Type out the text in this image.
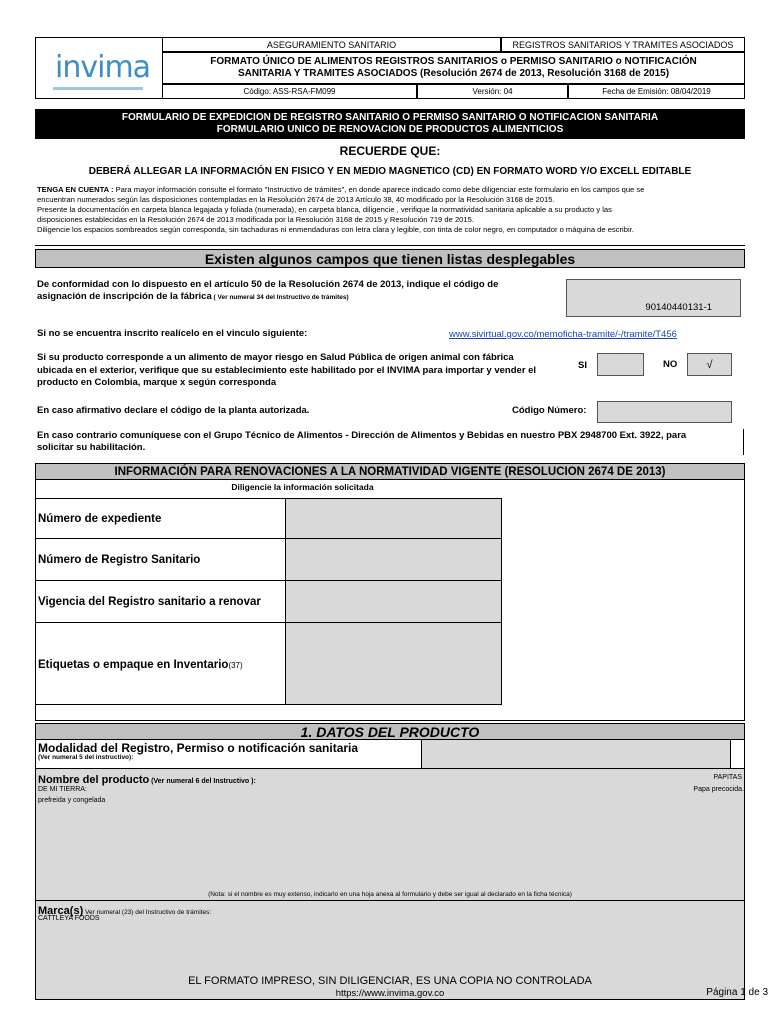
invima
ASEGURAMIENTO SANITARIO	REGISTROS SANITARIOS Y TRAMITES ASOCIADOS
FORMATO ÚNICO DE ALIMENTOS REGISTROS SANITARIOS o PERMISO SANITARIO o NOTIFICACIÓN SANITARIA Y TRAMITES ASOCIADOS (Resolución 2674 de 2013, Resolución 3168 de 2015)
Código: ASS-RSA-FM099	Versión: 04	Fecha de Emisión: 08/04/2019
FORMULARIO DE EXPEDICION DE REGISTRO SANITARIO O PERMISO SANITARIO O NOTIFICACION SANITARIA
FORMULARIO UNICO DE RENOVACION DE PRODUCTOS ALIMENTICIOS
RECUERDE QUE:
DEBERÁ ALLEGAR LA INFORMACIÓN EN FISICO Y EN MEDIO MAGNETICO (CD) EN FORMATO WORD Y/O EXCELL EDITABLE
TENGA EN CUENTA : Para mayor información consulte el formato "Instructivo de trámites", en donde aparece indicado como debe diligenciar este formulario en los campos que se
encuentran numerados según las disposiciones contempladas en la Resolución 2674 de 2013 Artículo 38, 40 modificado por la Resolución 3168 de 2015.
Presente la documentación en carpeta blanca legajada y foliada (numerada), en carpeta blanca, diligencie , verifique la normatividad sanitaria aplicable a su producto y las
disposiciones establecidas en la Resolución 2674 de 2013 modificada por la Resolución 3168 de 2015 y Resolución 719 de 2015.
Diligencie los espacios sombreados según corresponda, sin tachaduras ni enmendaduras con letra clara y legible, con tinta de color negro, en computador o máquina de escribir.
Existen algunos campos que tienen listas desplegables
De conformidad con lo dispuesto en el artículo 50 de la Resolución 2674 de 2013, indique el código de
asignación de inscripción de la fábrica ( Ver numeral 34 del Instructivo de trámites)
90140440131-1
Si no se encuentra inscrito realícelo en el vinculo siguiente:	www.sivirtual.gov.co/memoficha-tramite/-/tramite/T456
Si su producto corresponde a un alimento de mayor riesgo en Salud Pública de origen animal con fábrica
ubicada en el exterior, verifique que su establecimiento este habilitado por el INVIMA para importar y vender el
producto en Colombia, marque x según corresponda
SI	NO	√
En caso afirmativo declare el código de la planta autorizada.	Código Número:
En caso contrario comuníquese con el Grupo Técnico de Alimentos - Dirección de Alimentos y Bebidas en nuestro PBX 2948700 Ext. 3922, para
solicitar su habilitación.
INFORMACIÓN PARA RENOVACIONES A LA NORMATIVIDAD VIGENTE (RESOLUCION 2674 DE 2013)
Diligencie la información solicitada
Número de expediente
Número de Registro Sanitario
Vigencia del Registro sanitario a renovar
Etiquetas o empaque en Inventario(37)
1. DATOS DEL PRODUCTO
Modalidad del Registro, Permiso o notificación sanitaria
(Ver numeral 5 del instructivo):
Nombre del producto (Ver numeral 6 del Instructivo ):
PAPITAS
DE MI TIERRA:	Papa precocida.
prefreida y congelada
(Nota: si el nombre es muy extenso, indicarlo en una hoja anexa al formulario y debe ser igual al declarado en la ficha técnica)
Marca(s) Ver numeral (23) del Instructivo de trámites:
CATTLEYA FOODS
EL FORMATO IMPRESO, SIN DILIGENCIAR, ES UNA COPIA NO CONTROLADA
https://www.invima.gov.co	Página 1 de 3
